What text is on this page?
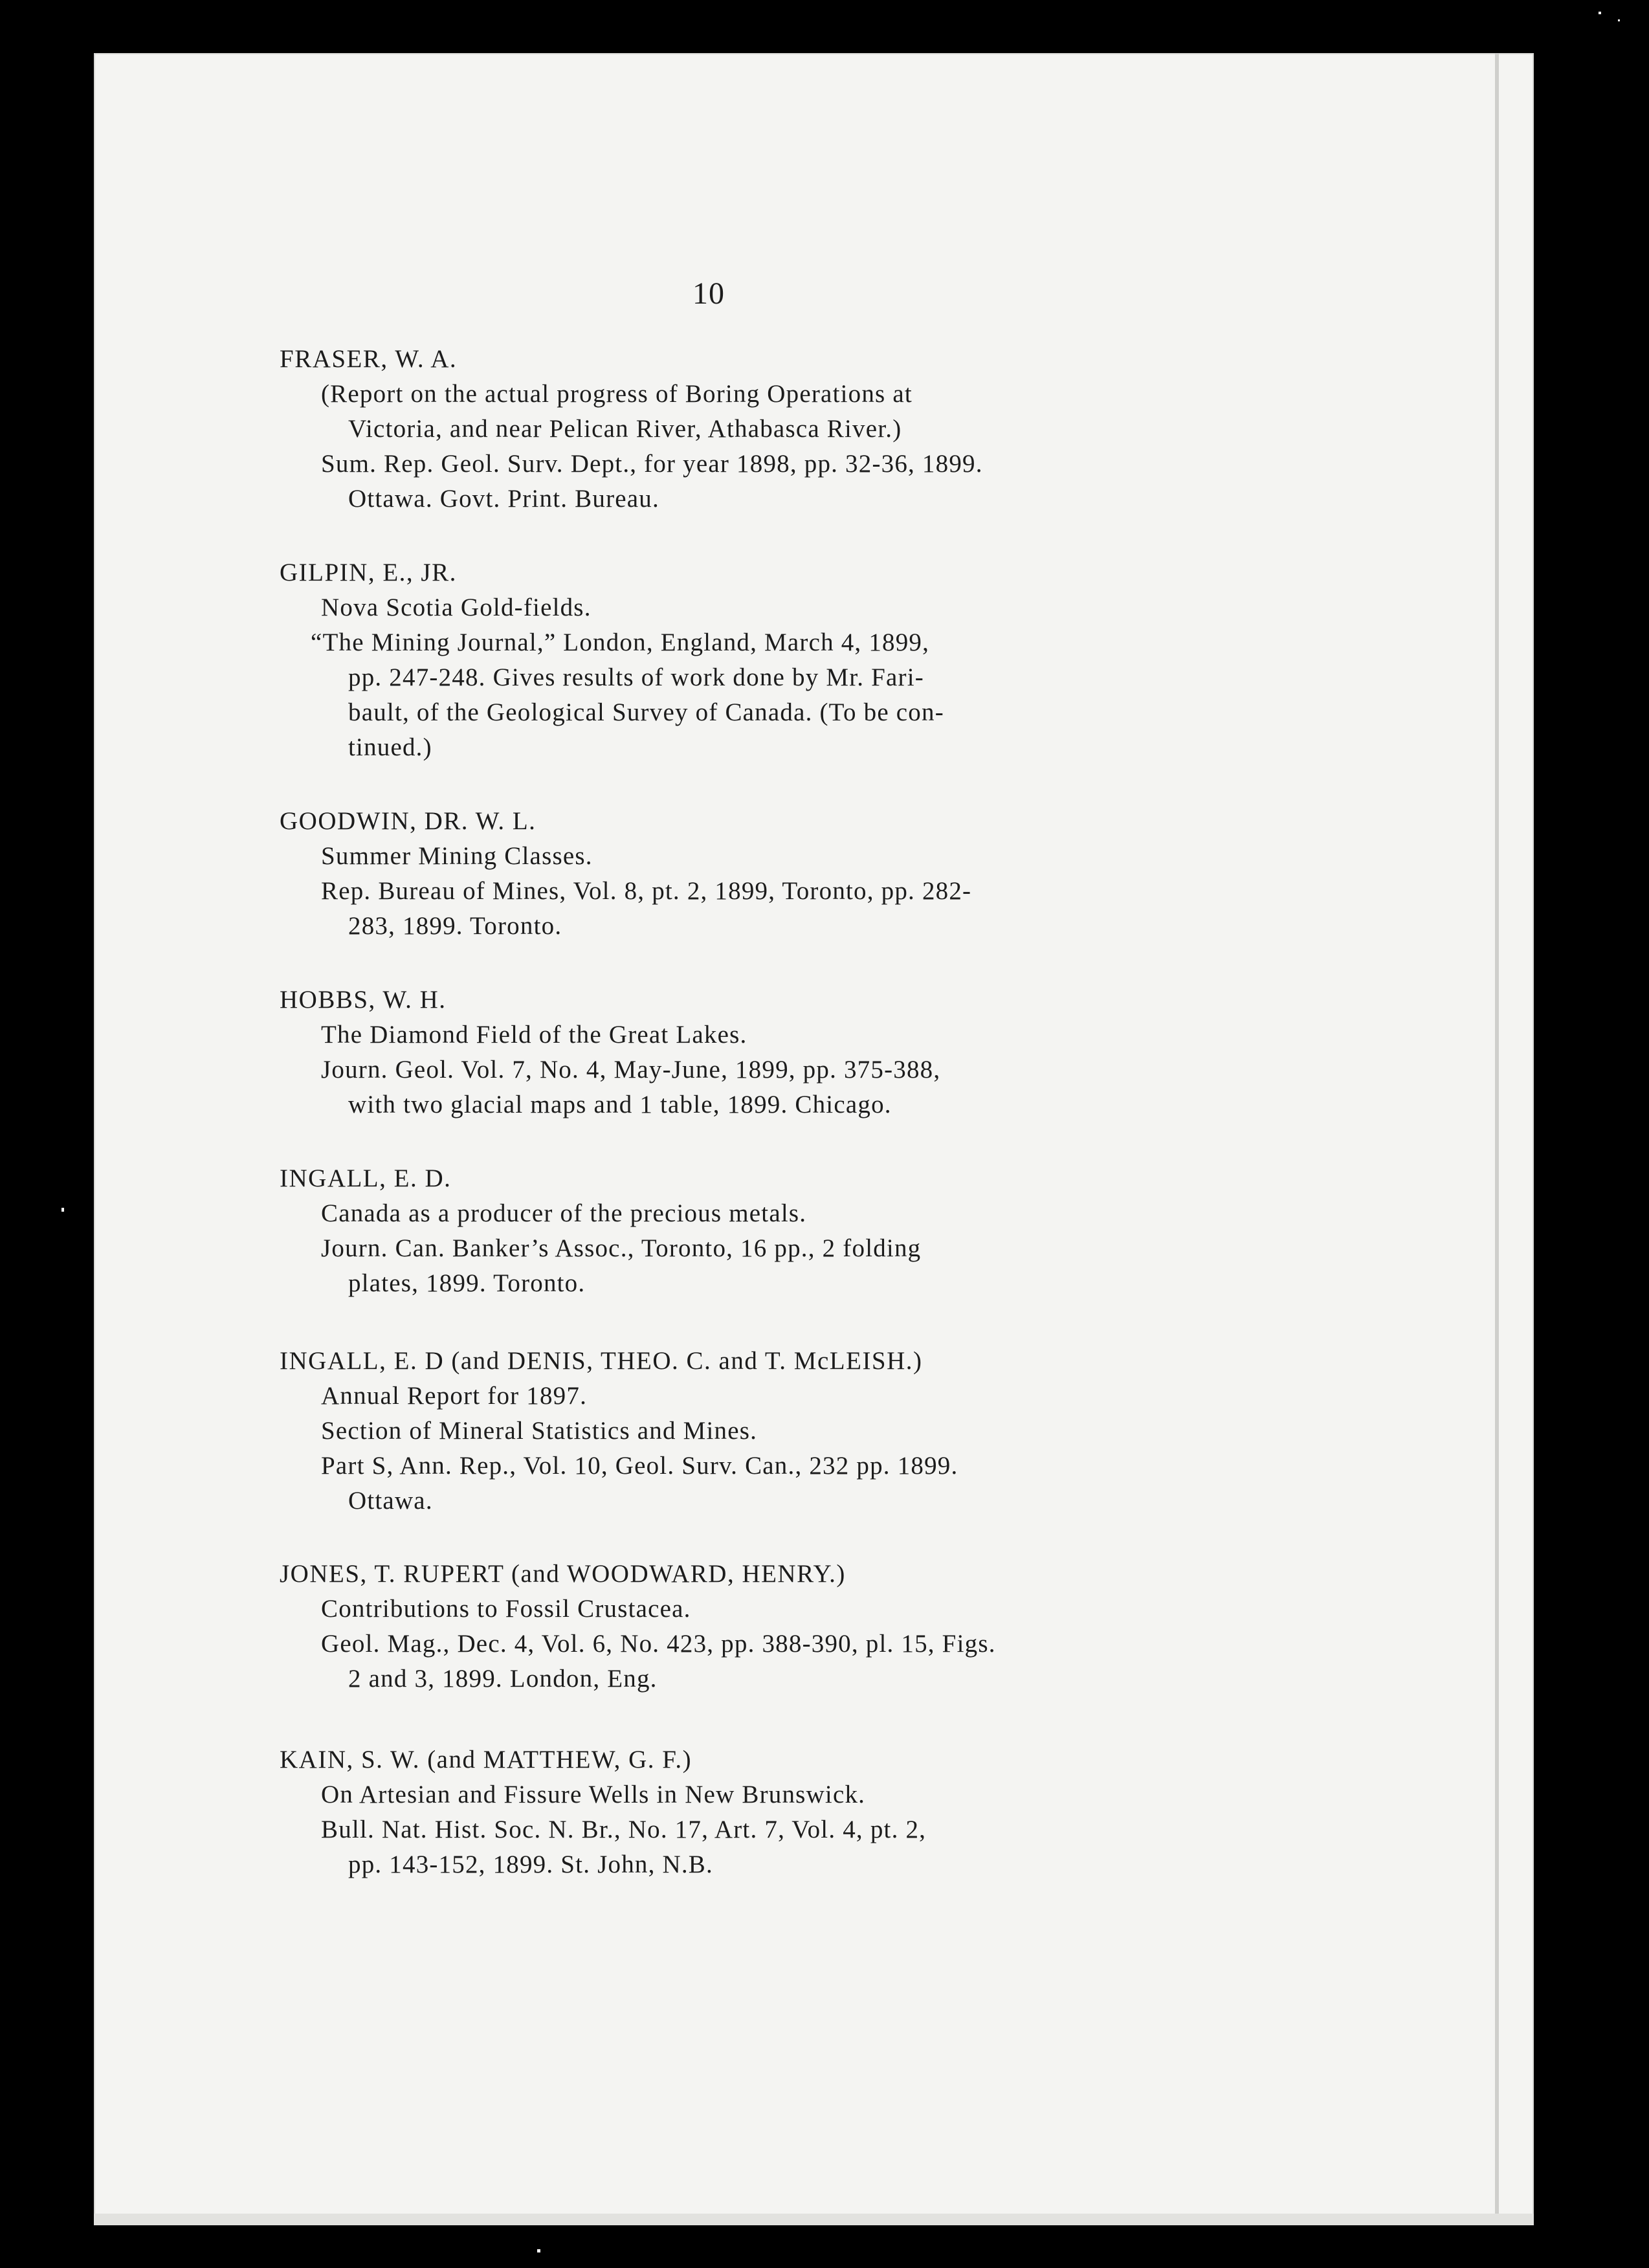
10

FRASER, W. A.

(Report on the actual progress of Boring Operations at

Victoria, and near Pelican River, Athabasca River.)

Sum. Rep. Geol. Surv. Dept., for year 1898, pp. 32-36, 1899.

Ottawa. Govt. Print. Bureau.

GILPIN, E., JR.

Nova Scotia Gold-fields.

“The Mining Journal,” London, England, March 4, 1899,

pp. 247-248. Gives results of work done by Mr. Fari-

bault, of the Geological Survey of Canada. (To be con-

tinued.)

GOODWIN, DR. W. L.

Summer Mining Classes.

Rep. Bureau of Mines, Vol. 8, pt. 2, 1899, Toronto, pp. 282-

283, 1899. Toronto.

HOBBS, W. H.

The Diamond Field of the Great Lakes.

Journ. Geol. Vol. 7, No. 4, May-June, 1899, pp. 375-388,

with two glacial maps and 1 table, 1899. Chicago.

INGALL, E. D.

Canada as a producer of the precious metals.

Journ. Can. Banker’s Assoc., Toronto, 16 pp., 2 folding

plates, 1899. Toronto.

INGALL, E. D (and DENIS, THEO. C. and T. McLEISH.)

Annual Report for 1897.

Section of Mineral Statistics and Mines.

Part S, Ann. Rep., Vol. 10, Geol. Surv. Can., 232 pp. 1899.

Ottawa.

JONES, T. RUPERT (and WOODWARD, HENRY.)

Contributions to Fossil Crustacea.

Geol. Mag., Dec. 4, Vol. 6, No. 423, pp. 388-390, pl. 15, Figs.

2 and 3, 1899. London, Eng.

KAIN, S. W. (and MATTHEW, G. F.)

On Artesian and Fissure Wells in New Brunswick.

Bull. Nat. Hist. Soc. N. Br., No. 17, Art. 7, Vol. 4, pt. 2,

pp. 143-152, 1899. St. John, N.B.
